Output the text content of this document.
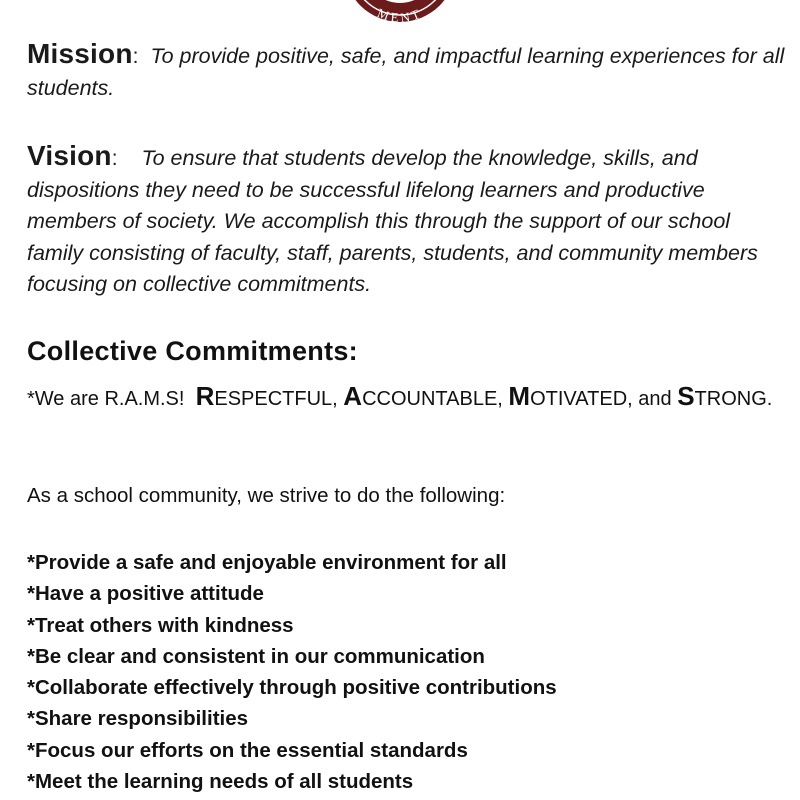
MENT
Mission: To provide positive, safe, and impactful learning experiences for all students.
Vision: To ensure that students develop the knowledge, skills, and dispositions they need to be successful lifelong learners and productive members of society. We accomplish this through the support of our school family consisting of faculty, staff, parents, students, and community members focusing on collective commitments.
Collective Commitments:
*We are R.A.M.S! RESPECTFUL, ACCOUNTABLE, MOTIVATED, and STRONG.
As a school community, we strive to do the following:
*Provide a safe and enjoyable environment for all
*Have a positive attitude
*Treat others with kindness
*Be clear and consistent in our communication
*Collaborate effectively through positive contributions
*Share responsibilities
*Focus our efforts on the essential standards
*Meet the learning needs of all students
